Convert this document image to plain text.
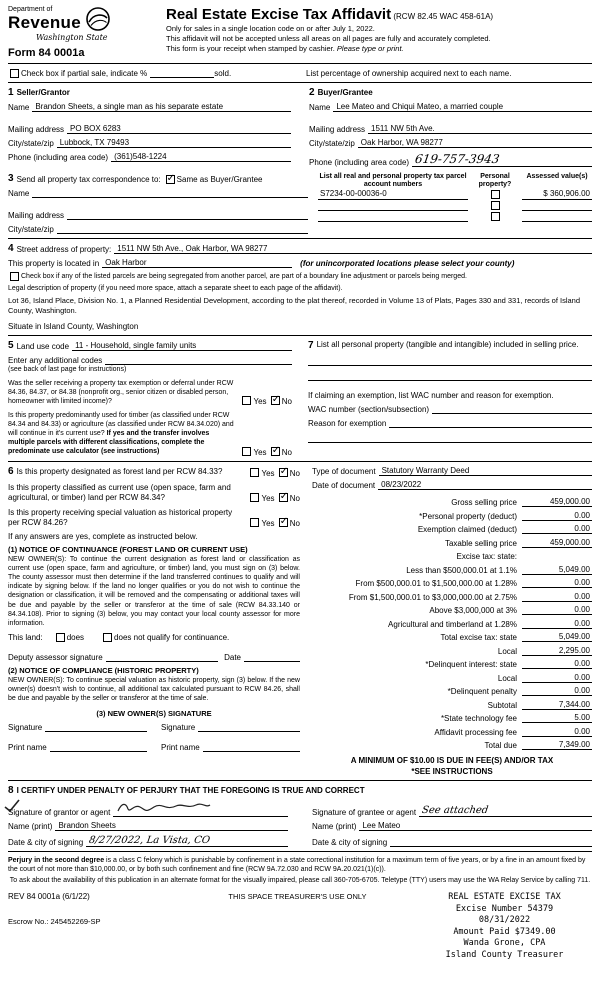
Department of
Revenue
Washington State
Form 84 0001a
Real Estate Excise Tax Affidavit (RCW 82.45 WAC 458-61A)
Only for sales in a single location code on or after July 1, 2022.
This affidavit will not be accepted unless all areas on all pages are fully and accurately completed.
This form is your receipt when stamped by cashier. Please type or print.
Check box if partial sale, indicate %	sold.	List percentage of ownership acquired next to each name.
1 Seller/Grantor
Name Brandon Sheets, a single man as his separate estate
Mailing address PO BOX 6283
City/state/zip Lubbock, TX 79493
Phone (including area code) (361)548-1224
2 Buyer/Grantee
Name Lee Mateo and Chiqui Mateo, a married couple
Mailing address 1511 NW 5th Ave.
City/state/zip Oak Harbor, WA 98277
Phone (including area code) 619-757-3943
3 Send all property tax correspondence to: ✓ Same as Buyer/Grantee
Name
Mailing address
City/state/zip
List all real and personal property tax parcel account numbers
Personal property?
Assessed value(s)
S7234-00-00036-0	$ 360,906.00
4 Street address of property: 1511 NW 5th Ave., Oak Harbor, WA 98277
This property is located in Oak Harbor	(for unincorporated locations please select your county)
Check box if any of the listed parcels are being segregated from another parcel, are part of a boundary line adjustment or parcels being merged.
Legal description of property (if you need more space, attach a separate sheet to each page of the affidavit).
Lot 36, Island Place, Division No. 1, a Planned Residential Development, according to the plat thereof, recorded in Volume 13 of Plats, Pages 330 and 331, records of Island County, Washington.
Situate in Island County, Washington
5 Land use code 11 - Household, single family units
Enter any additional codes
(see back of last page for instructions)
Was the seller receiving a property tax exemption or deferral under RCW 84.36, 84.37, or 84.38 (nonprofit org., senior citizen or disabled person, homeowner with limited income)?	Yes ✓ No
Is this property predominantly used for timber (as classified under RCW 84.34 and 84.33) or agriculture (as classified under RCW 84.34.020) and will continue in it's current use? If yes and the transfer involves multiple parcels with different classifications, complete the predominate use calculator (see instructions)	Yes ✓ No
7 List all personal property (tangible and intangible) included in selling price.
If claiming an exemption, list WAC number and reason for exemption.
WAC number (section/subsection)
Reason for exemption
6 Is this property designated as forest land per RCW 84.33?	Yes ✓ No
Is this property classified as current use (open space, farm and agricultural, or timber) land per RCW 84.34?	Yes ✓ No
Is this property receiving special valuation as historical property per RCW 84.26?	Yes ✓ No
If any answers are yes, complete as instructed below.
(1) NOTICE OF CONTINUANCE (FOREST LAND OR CURRENT USE)
NEW OWNER(S): To continue the current designation as forest land or classification as current use (open space, farm and agriculture, or timber) land, you must sign on (3) below. The county assessor must then determine if the land transferred continues to qualify and will indicate by signing below. If the land no longer qualifies or you do not wish to continue the designation or classification, it will be removed and the compensating or additional taxes will be due and payable by the seller or transferor at the time of sale (RCW 84.33.140 or 84.34.108). Prior to signing (3) below, you may contact your local county assessor for more information.
This land:	does	does not qualify for continuance.
Deputy assessor signature	Date
(2) NOTICE OF COMPLIANCE (HISTORIC PROPERTY)
NEW OWNER(S): To continue special valuation as historic property, sign (3) below. If the new owner(s) doesn't wish to continue, all additional tax calculated pursuant to RCW 84.26, shall be due and payable by the seller or transferor at the time of sale.
(3) NEW OWNER(S) SIGNATURE
Signature	Signature
Print name	Print name
Type of document Statutory Warranty Deed
Date of document 08/23/2022
Gross selling price	459,000.00
*Personal property (deduct)	0.00
Exemption claimed (deduct)	0.00
Taxable selling price	459,000.00
Excise tax: state:
Less than $500,000.01 at 1.1%	5,049.00
From $500,000.01 to $1,500,000.00 at 1.28%	0.00
From $1,500,000.01 to $3,000,000.00 at 2.75%	0.00
Above $3,000,000 at 3%	0.00
Agricultural and timberland at 1.28%	0.00
Total excise tax: state	5,049.00
Local	2,295.00
*Delinquent interest: state	0.00
Local	0.00
*Delinquent penalty	0.00
Subtotal	7,344.00
*State technology fee	5.00
Affidavit processing fee	0.00
Total due	7,349.00
A MINIMUM OF $10.00 IS DUE IN FEE(S) AND/OR TAX
*SEE INSTRUCTIONS
8 I CERTIFY UNDER PENALTY OF PERJURY THAT THE FOREGOING IS TRUE AND CORRECT
Signature of grantor or agent	Signature of grantee or agent See attached
Name (print) Brandon Sheets	Name (print) Lee Mateo
Date & city of signing 8/27/2022, La Vista, CO	Date & city of signing
Perjury in the second degree is a class C felony which is punishable by confinement in a state correctional institution for a maximum term of five years, or by a fine in an amount fixed by the court of not more than $10,000.00, or by both such confinement and fine (RCW 9A.72.030 and RCW 9A.20.021(1)(c)).
To ask about the availability of this publication in an alternate format for the visually impaired, please call 360-705-6705. Teletype (TTY) users may use the WA Relay Service by calling 711.
REV 84 0001a (6/1/22)
Escrow No.: 245452269-SP
THIS SPACE TREASURER'S USE ONLY	REAL ESTATE EXCISE TAX
Excise Number 54379
08/31/2022
Amount Paid $7349.00
Wanda Grone, CPA
Island County Treasurer
